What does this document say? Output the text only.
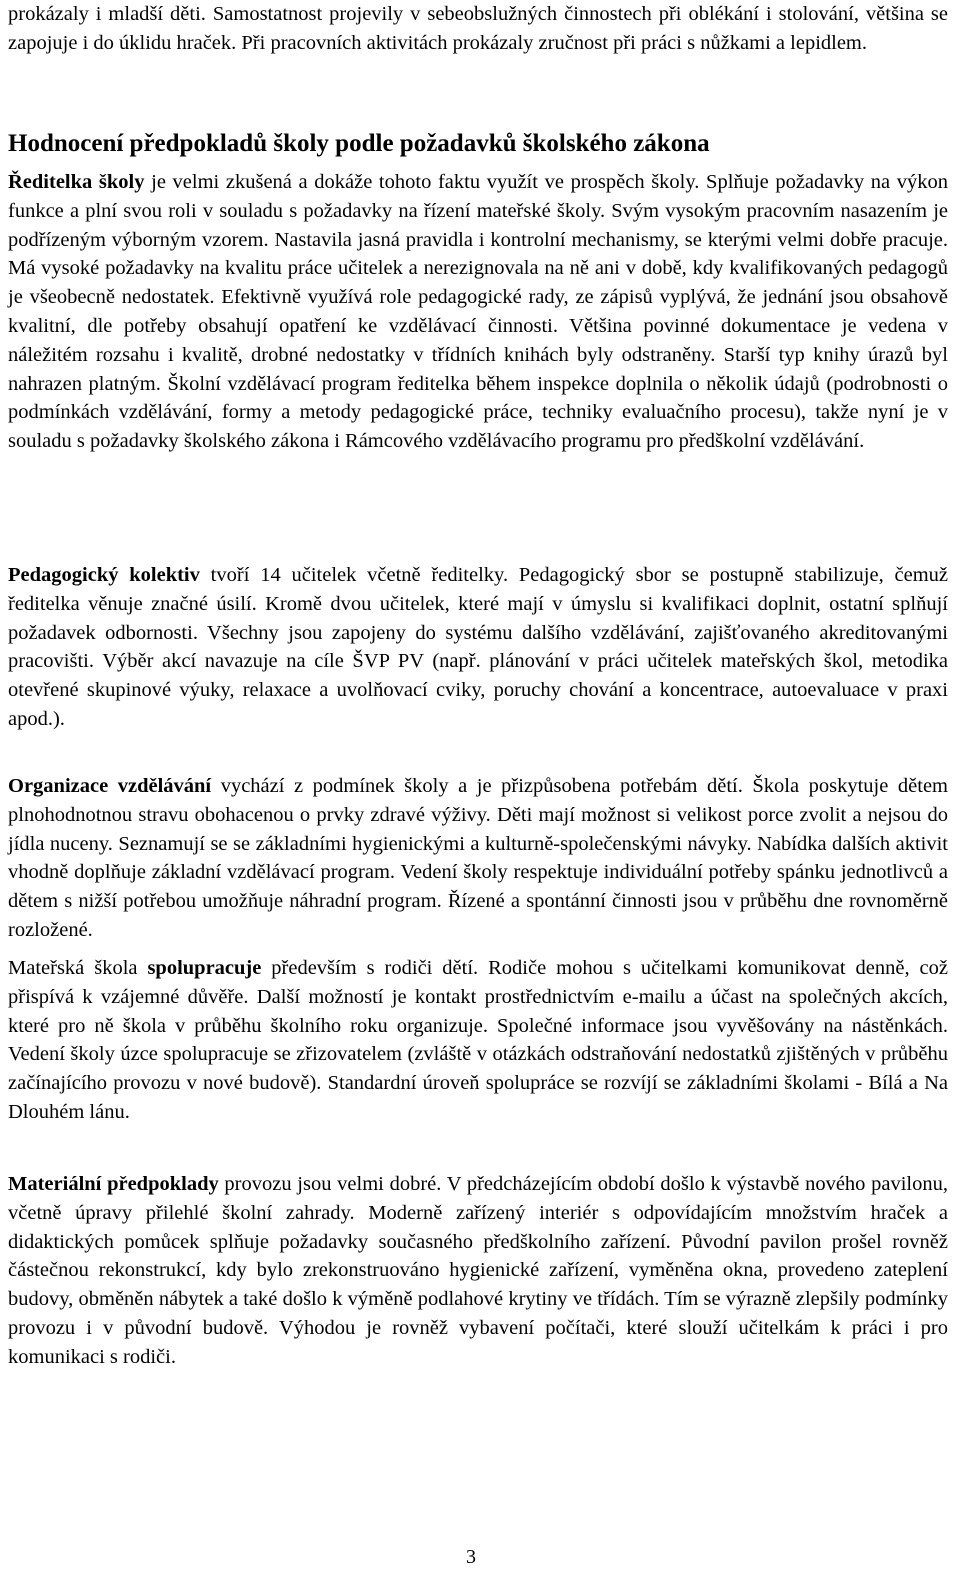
prokázaly i mladší děti. Samostatnost projevily v sebeobslužných činnostech při oblékání i stolování, většina se zapojuje i do úklidu hraček. Při pracovních aktivitách prokázaly zručnost při práci s nůžkami a lepidlem.

Hodnocení předpokladů školy podle požadavků školského zákona

Ředitelka školy je velmi zkušená a dokáže tohoto faktu využít ve prospěch školy. Splňuje požadavky na výkon funkce a plní svou roli v souladu s požadavky na řízení mateřské školy. Svým vysokým pracovním nasazením je podřízeným výborným vzorem. Nastavila jasná pravidla i kontrolní mechanismy, se kterými velmi dobře pracuje. Má vysoké požadavky na kvalitu práce učitelek a nerezignovala na ně ani v době, kdy kvalifikovaných pedagogů je všeobecně nedostatek. Efektivně využívá role pedagogické rady, ze zápisů vyplývá, že jednání jsou obsahově kvalitní, dle potřeby obsahují opatření ke vzdělávací činnosti. Většina povinné dokumentace je vedena v náležitém rozsahu i kvalitě, drobné nedostatky v třídních knihách byly odstraněny. Starší typ knihy úrazů byl nahrazen platným. Školní vzdělávací program ředitelka během inspekce doplnila o několik údajů (podrobnosti o podmínkách vzdělávání, formy a metody pedagogické práce, techniky evaluačního procesu), takže nyní je v souladu s požadavky školského zákona i Rámcového vzdělávacího programu pro předškolní vzdělávání.

Pedagogický kolektiv tvoří 14 učitelek včetně ředitelky. Pedagogický sbor se postupně stabilizuje, čemuž ředitelka věnuje značné úsilí. Kromě dvou učitelek, které mají v úmyslu si kvalifikaci doplnit, ostatní splňují požadavek odbornosti. Všechny jsou zapojeny do systému dalšího vzdělávání, zajišťovaného akreditovanými pracovišti. Výběr akcí navazuje na cíle ŠVP PV (např. plánování v práci učitelek mateřských škol, metodika otevřené skupinové výuky, relaxace a uvolňovací cviky, poruchy chování a koncentrace, autoevaluace v praxi apod.).

Organizace vzdělávání vychází z podmínek školy a je přizpůsobena potřebám dětí. Škola poskytuje dětem plnohodnotnou stravu obohacenou o prvky zdravé výživy. Děti mají možnost si velikost porce zvolit a nejsou do jídla nuceny. Seznamují se se základními hygienickými a kulturně-společenskými návyky. Nabídka dalších aktivit vhodně doplňuje základní vzdělávací program. Vedení školy respektuje individuální potřeby spánku jednotlivců a dětem s nižší potřebou umožňuje náhradní program. Řízené a spontánní činnosti jsou v průběhu dne rovnoměrně rozložené.

Mateřská škola spolupracuje především s rodiči dětí. Rodiče mohou s učitelkami komunikovat denně, což přispívá k vzájemné důvěře. Další možností je kontakt prostřednictvím e-mailu a účast na společných akcích, které pro ně škola v průběhu školního roku organizuje. Společné informace jsou vyvěšovány na nástěnkách. Vedení školy úzce spolupracuje se zřizovatelem (zvláště v otázkách odstraňování nedostatků zjištěných v průběhu začínajícího provozu v nové budově). Standardní úroveň spolupráce se rozvíjí se základními školami - Bílá a Na Dlouhém lánu.

Materiální předpoklady provozu jsou velmi dobré. V předcházejícím období došlo k výstavbě nového pavilonu, včetně úpravy přilehlé školní zahrady. Moderně zařízený interiér s odpovídajícím množstvím hraček a didaktických pomůcek splňuje požadavky současného předškolního zařízení. Původní pavilon prošel rovněž částečnou rekonstrukcí, kdy bylo zrekonstruováno hygienické zařízení, vyměněna okna, provedeno zateplení budovy, obměněn nábytek a také došlo k výměně podlahové krytiny ve třídách. Tím se výrazně zlepšily podmínky provozu i v původní budově. Výhodou je rovněž vybavení počítači, které slouží učitelkám k práci i pro komunikaci s rodiči.

3
